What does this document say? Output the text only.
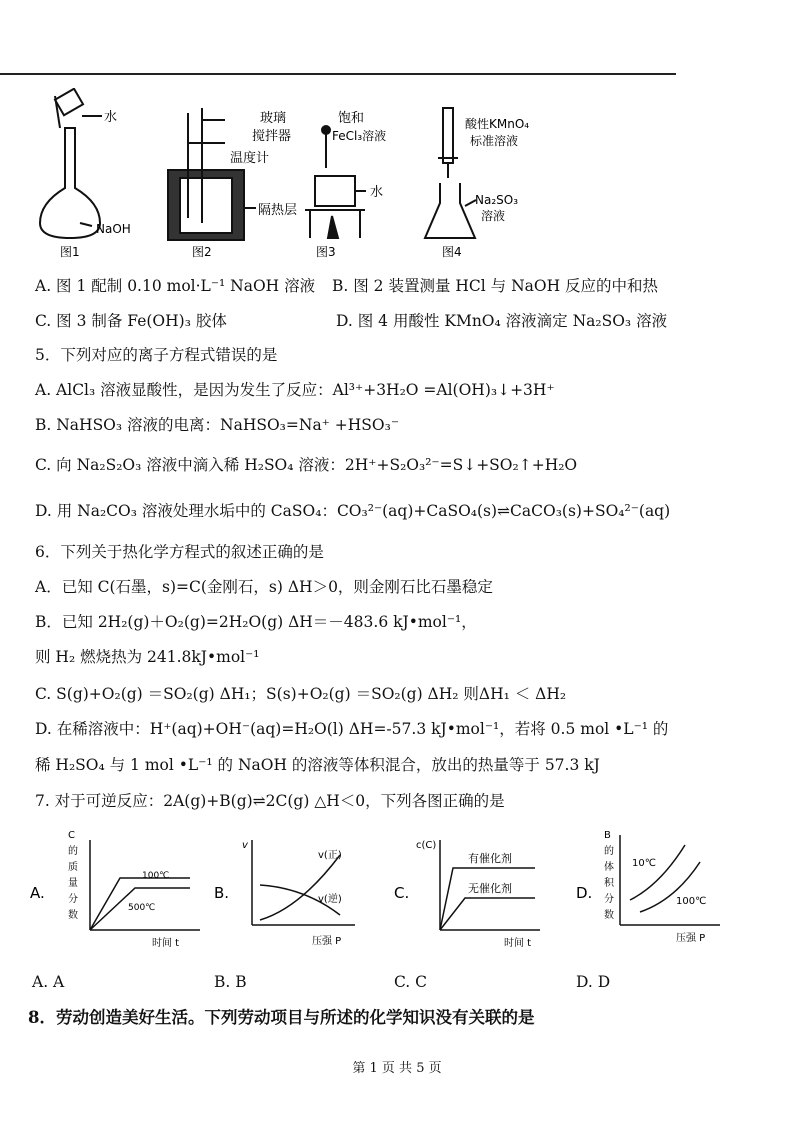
水
NaOH
图1
玻璃
搅拌器
温度计
隔热层
图2
饱和
FeCl₃溶液
水
图3
酸性KMnO₄
标准溶液
Na₂SO₃
溶液
图4
A. 图 1 配制 0.10 mol·L⁻¹ NaOH 溶液 B. 图 2 装置测量 HCl 与 NaOH 反应的中和热
C. 图 3 制备 Fe(OH)₃ 胶体	D. 图 4 用酸性 KMnO₄ 溶液滴定 Na₂SO₃ 溶液
5．下列对应的离子方程式错误的是
A. AlCl₃ 溶液显酸性，是因为发生了反应：Al³⁺+3H₂O =Al(OH)₃↓+3H⁺
B. NaHSO₃ 溶液的电离：NaHSO₃=Na⁺ +HSO₃⁻
C. 向 Na₂S₂O₃ 溶液中滴入稀 H₂SO₄ 溶液：2H⁺+S₂O₃²⁻=S↓+SO₂↑+H₂O
D. 用 Na₂CO₃ 溶液处理水垢中的 CaSO₄：CO₃²⁻(aq)+CaSO₄(s)⇌CaCO₃(s)+SO₄²⁻(aq)
6．下列关于热化学方程式的叙述正确的是
A．已知 C(石墨，s)=C(金刚石，s) ΔH＞0，则金刚石比石墨稳定
B．已知 2H₂(g)＋O₂(g)=2H₂O(g) ΔH＝－483.6 kJ•mol⁻¹，
则 H₂ 燃烧热为 241.8kJ•mol⁻¹
C. S(g)+O₂(g) ＝SO₂(g) ΔH₁；S(s)+O₂(g) ＝SO₂(g) ΔH₂ 则ΔH₁ ＜ ΔH₂
D. 在稀溶液中：H⁺(aq)+OH⁻(aq)=H₂O(l) ΔH=-57.3 kJ•mol⁻¹，若将 0.5 mol •L⁻¹ 的
稀 H₂SO₄ 与 1 mol •L⁻¹ 的 NaOH 的溶液等体积混合，放出的热量等于 57.3 kJ
7. 对于可逆反应：2A(g)+B(g)⇌2C(g) △H＜0，下列各图正确的是
A.
C
的
质
量
分
数
100℃
500℃
时间 t
B.
v
v(正)
v(逆)
压强 P
C.
c(C)
有催化剂
无催化剂
时间 t
D.
B
的
体
积
分
数
10℃
100℃
压强 P
A. A	B. B	C. C	D. D
8．劳动创造美好生活。下列劳动项目与所述的化学知识没有关联的是
第 1 页 共 5 页
